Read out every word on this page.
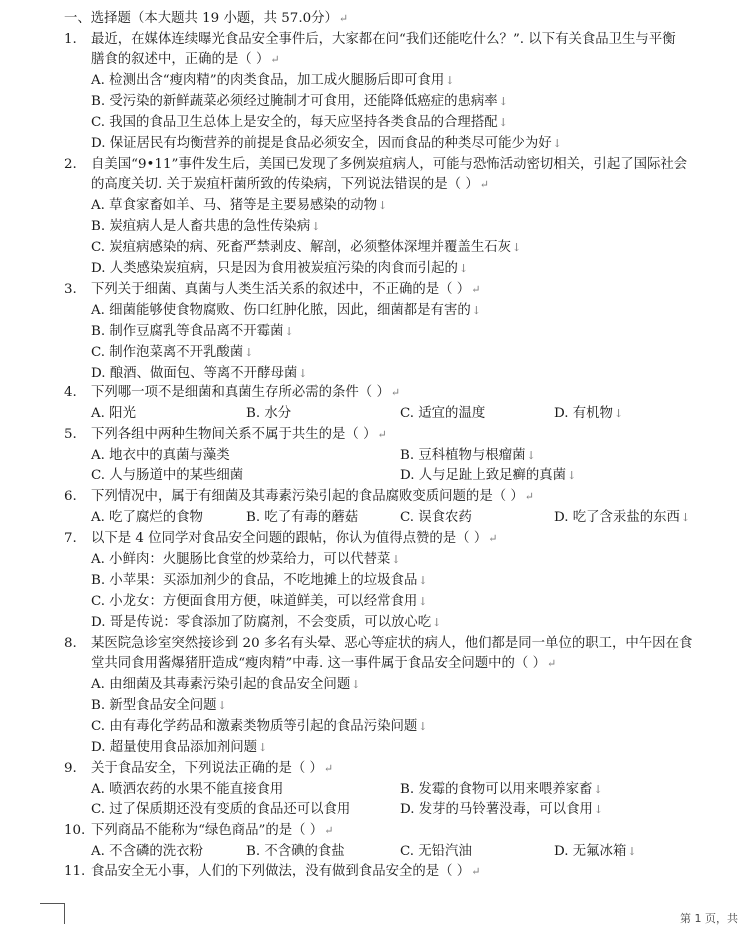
一、选择题（本大题共 19 小题，共 57.0分）↵
1. 最近，在媒体连续曝光食品安全事件后，大家都在问“我们还能吃什么？”. 以下有关食品卫生与平衡
膳食的叙述中，正确的是（ ）↵
A. 检测出含“瘦肉精”的肉类食品，加工成火腿肠后即可食用↓
B. 受污染的新鲜蔬菜必须经过腌制才可食用，还能降低癌症的患病率↓
C. 我国的食品卫生总体上是安全的，每天应坚持各类食品的合理搭配↓
D. 保证居民有均衡营养的前提是食品必须安全，因而食品的种类尽可能少为好↓
2. 自美国“9•11”事件发生后，美国已发现了多例炭疽病人，可能与恐怖活动密切相关，引起了国际社会
的高度关切. 关于炭疽杆菌所致的传染病，下列说法错误的是（ ）↵
A. 草食家畜如羊、马、猪等是主要易感染的动物↓
B. 炭疽病人是人畜共患的急性传染病↓
C. 炭疽病感染的病、死畜严禁剥皮、解剖，必须整体深埋并覆盖生石灰↓
D. 人类感染炭疽病，只是因为食用被炭疽污染的肉食而引起的↓
3. 下列关于细菌、真菌与人类生活关系的叙述中，不正确的是（ ）↵
A. 细菌能够使食物腐败、伤口红肿化脓，因此，细菌都是有害的↓
B. 制作豆腐乳等食品离不开霉菌↓
C. 制作泡菜离不开乳酸菌↓
D. 酿酒、做面包、等离不开酵母菌↓
4. 下列哪一项不是细菌和真菌生存所必需的条件（ ）↵
A. 阳光	B. 水分	C. 适宜的温度	D. 有机物↓
5. 下列各组中两种生物间关系不属于共生的是（ ）↵
A. 地衣中的真菌与藻类	B. 豆科植物与根瘤菌↓
C. 人与肠道中的某些细菌	D. 人与足趾上致足癣的真菌↓
6. 下列情况中，属于有细菌及其毒素污染引起的食品腐败变质问题的是（ ）↵
A. 吃了腐烂的食物	B. 吃了有毒的蘑菇	C. 误食农药	D. 吃了含汞盐的东西↓
7. 以下是 4 位同学对食品安全问题的跟帖，你认为值得点赞的是（ ）↵
A. 小鲜肉：火腿肠比食堂的炒菜给力，可以代替菜↓
B. 小苹果：买添加剂少的食品，不吃地摊上的垃圾食品↓
C. 小龙女：方便面食用方便，味道鲜美，可以经常食用↓
D. 哥是传说：零食添加了防腐剂，不会变质，可以放心吃↓
8. 某医院急诊室突然接诊到 20 多名有头晕、恶心等症状的病人，他们都是同一单位的职工，中午因在食
堂共同食用酱爆猪肝造成“瘦肉精”中毒. 这一事件属于食品安全问题中的（ ）↵
A. 由细菌及其毒素污染引起的食品安全问题↓
B. 新型食品安全问题↓
C. 由有毒化学药品和激素类物质等引起的食品污染问题↓
D. 超量使用食品添加剂问题↓
9. 关于食品安全，下列说法正确的是（ ）↵
A. 喷洒农药的水果不能直接食用	B. 发霉的食物可以用来喂养家畜↓
C. 过了保质期还没有变质的食品还可以食用	D. 发芽的马铃薯没毒，可以食用↓
10. 下列商品不能称为“绿色商品”的是（ ）↵
A. 不含磷的洗衣粉	B. 不含碘的食盐	C. 无铅汽油	D. 无氟冰箱↓
11. 食品安全无小事，人们的下列做法，没有做到食品安全的是（ ）↵
第 1 页，共
